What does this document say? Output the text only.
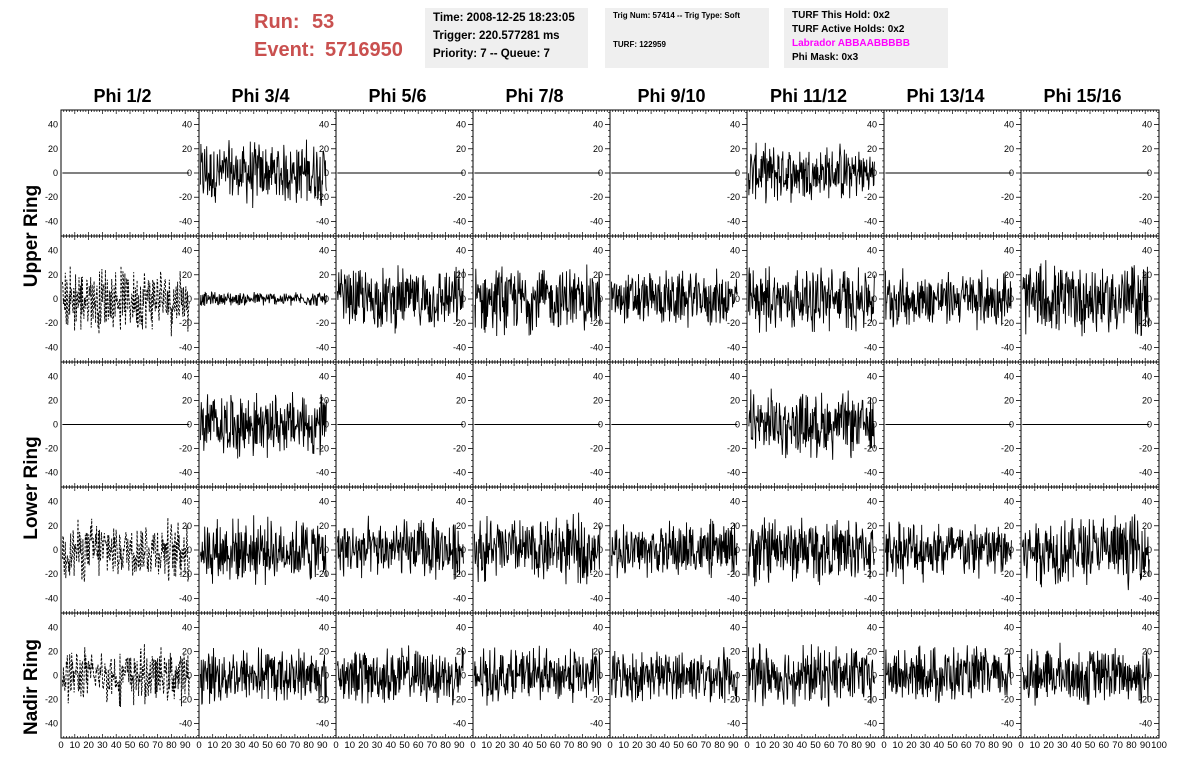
Run: 53
Event: 5716950
Time: 2008-12-25 18:23:05
Trigger: 220.577281 ms
Priority: 7 -- Queue: 7
Trig Num: 57414 -- Trig Type: Soft
TURF: 122959
TURF This Hold: 0x2
TURF Active Holds: 0x2
Labrador ABBAABBBBB
Phi Mask: 0x3
Phi 1/2	Phi 3/4	Phi 5/6	Phi 7/8	Phi 9/10	Phi 11/12	Phi 13/14	Phi 15/16
Upper Ring
Lower Ring
Nadir Ring
-40
-20
0
20
40
-40
-20
0
20
40
-40
-20
0
20
40
-40
-20
0
20
40
-40
-20
0
20
40
-40
-20
0
20
40
-40
-20
0
20
40
-40
-20
0
20
40
-40
-20
0
20
40
-40
-20
0
20
40
-40
-20
0
20
40
-40
-20
0
20
40
-40
-20
0
20
40
-40
-20
0
20
40
-40
-20
0
20
40
-40
-20
0
20
40
-40
-20
0
20
40
-40
-20
0
20
40
-40
-20
0
20
40
-40
-20
0
20
40
-40
-20
0
20
40
-40
-20
0
20
40
-40
-20
0
20
40
-40
-20
0
20
40
-40
-20
0
20
40
-40
-20
0
20
40
-40
-20
0
20
40
-40
-20
0
20
40
-40
-20
0
20
40
-40
-20
0
20
40
-40
-20
0
20
40
-40
-20
0
20
40
-40
-20
0
20
40
-40
-20
0
20
40
-40
-20
0
20
40
-40
-20
0
20
40
-40
-20
0
20
40
-40
-20
0
20
40
-40
-20
0
20
40
-40
-20
0
20
40
0 10 20 30 40 50 60 70 80 90 0 10 20 30 40 50 60 70 80 90 0 10 20 30 40 50 60 70 80 90 0 10 20 30 40 50 60 70 80 90 0 10 20 30 40 50 60 70 80 90 0 10 20 30 40 50 60 70 80 90 0 10 20 30 40 50 60 70 80 90 0 10 20 30 40 50 60 70 80 90 100
-40
-20
0
20
40
-40
-20
0
20
40
-40
-20
0
20
40
-40
-20
0
20
40
-40
-20
0
20
40
